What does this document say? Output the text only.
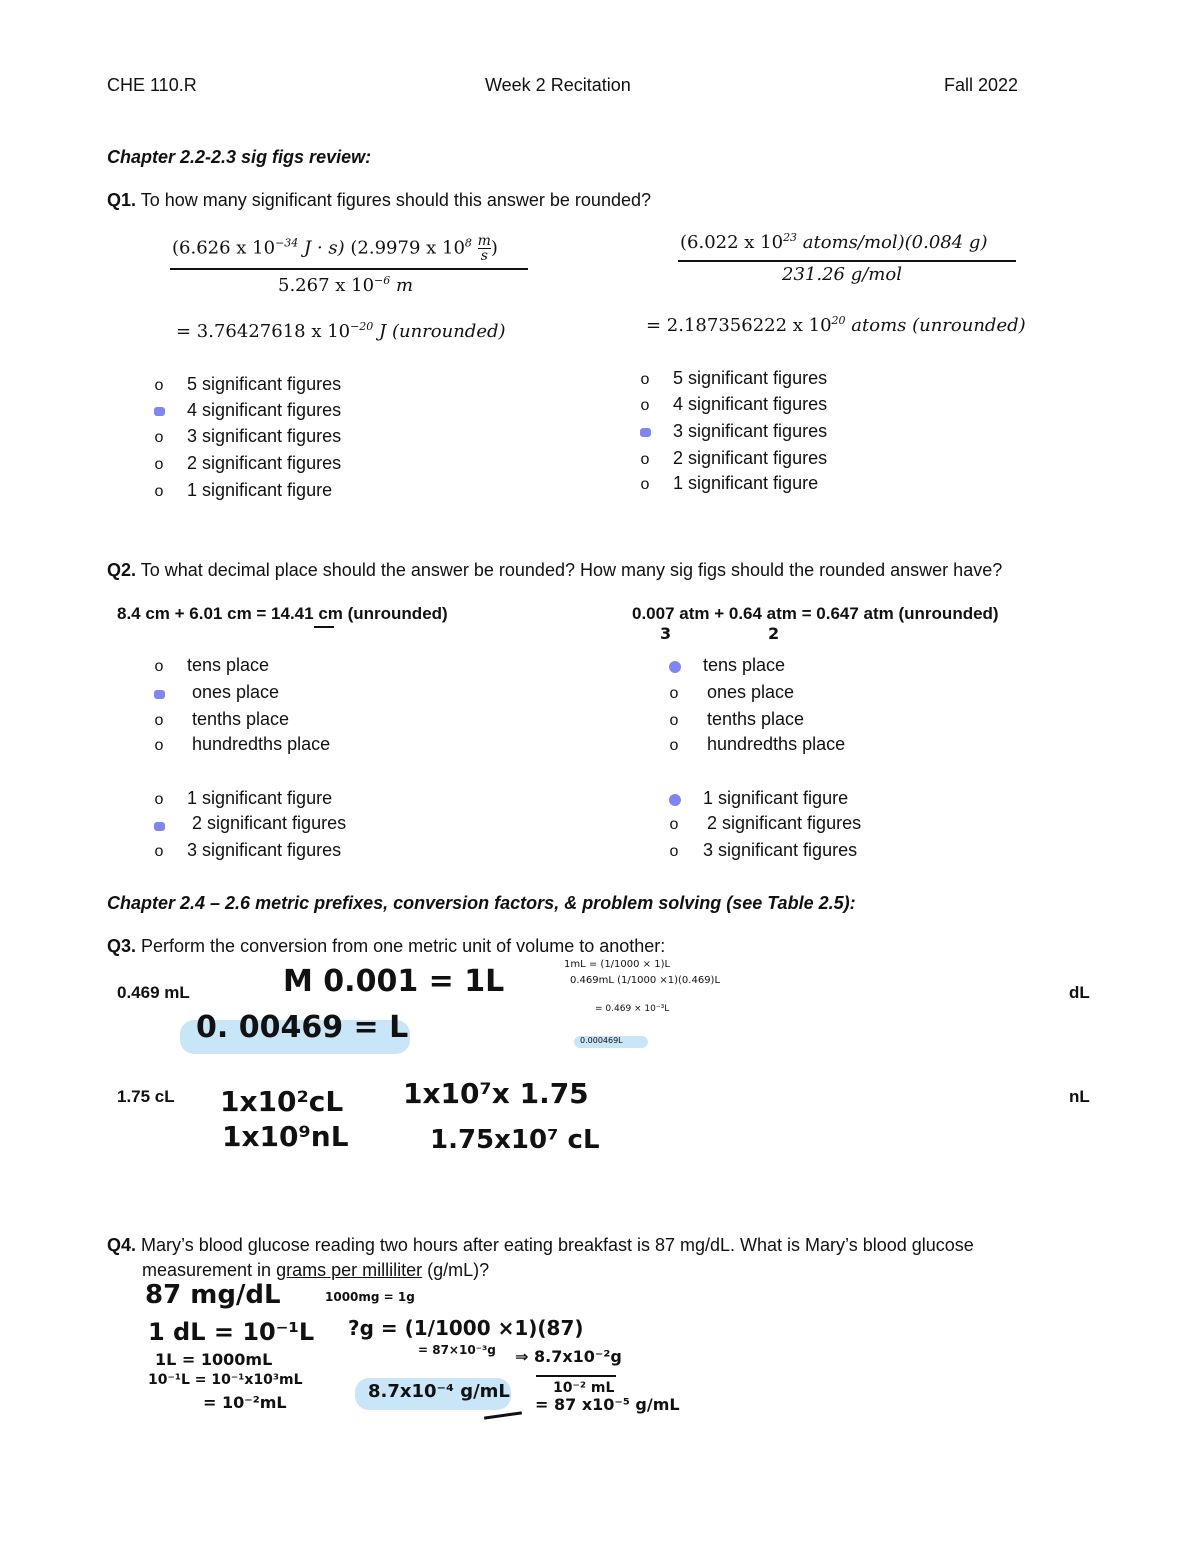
CHE 110.R	Week 2 Recitation	Fall 2022
Chapter 2.2-2.3 sig figs review:
Q1. To how many significant figures should this answer be rounded?
(6.626 x $10^{-34}$ J · s) (2.9979 x $10^8 \frac{m}{s}$ )
5.267 x $10^{-6}$ m
= 3.76427618 x $10^{-20}$ J (unrounded)
(6.022 x $10^{23}$ atoms/mol)(0.084 g)
231.26 g/mol
= 2.187356222 x $10^{20}$ atoms (unrounded)
o 5 significant figures
4 significant figures
o 3 significant figures
o 2 significant figures
o 1 significant figure
o 5 significant figures
o 4 significant figures
3 significant figures
o 2 significant figures
o 1 significant figure
Q2. To what decimal place should the answer be rounded? How many sig figs should the rounded answer have?
8.4 cm + 6.01 cm = 14.41 cm (unrounded)	0.007 atm + 0.64 atm = 0.647 atm (unrounded)
3	2
o tens place
ones place
o tenths place
o hundredths place
tens place
o ones place
o tenths place
o hundredths place
o 1 significant figure
2 significant figures
o 3 significant figures
1 significant figure
o 2 significant figures
o 3 significant figures
Chapter 2.4 – 2.6 metric prefixes, conversion factors, & problem solving (see Table 2.5):
Q3. Perform the conversion from one metric unit of volume to another:
0.469 mL	dL
M 0.001 = 1L
0. 00469 = L
1mL = (1/1000 × 1)L
0.469mL (1/1000 ×1)(0.469)L
= 0.469 × 10⁻³L
0.000469L
1.75 cL	nL
1x10²cL
1x10⁹nL
1x10⁷x 1.75
1.75x10⁷ cL
Q4. Mary’s blood glucose reading two hours after eating breakfast is 87 mg/dL. What is Mary’s blood glucose
measurement in grams per milliliter (g/mL)?
87 mg/dL
1 dL = 10⁻¹L
1L = 1000mL
10⁻¹L = 10⁻¹x10³mL
= 10⁻²mL
1000mg = 1g
?g = (1/1000 ×1)(87)
= 87×10⁻³g ⇒ 8.7x10⁻²g
10⁻² mL
8.7x10⁻⁴ g/mL
= 87 x10⁻⁵ g/mL
